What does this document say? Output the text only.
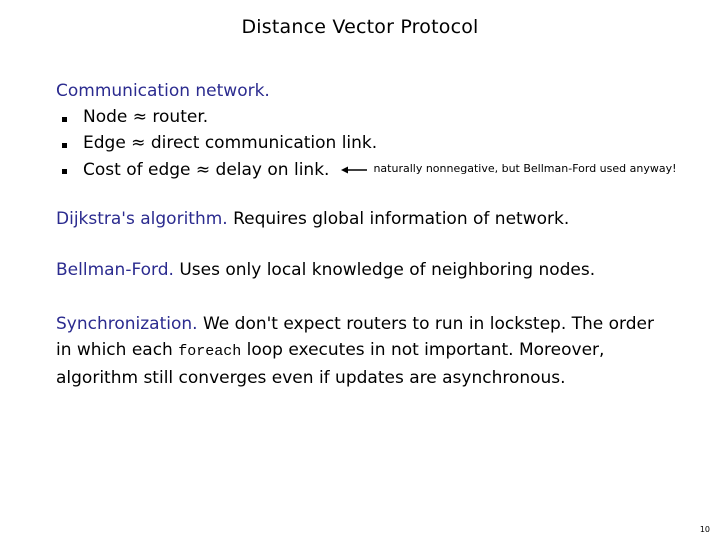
Distance Vector Protocol
Communication network.
Node ≈ router.
Edge ≈ direct communication link.
Cost of edge ≈ delay on link.	naturally nonnegative, but Bellman-Ford used anyway!
Dijkstra's algorithm. Requires global information of network.
Bellman-Ford. Uses only local knowledge of neighboring nodes.
Synchronization. We don't expect routers to run in lockstep. The order in which each foreach loop executes in not important. Moreover, algorithm still converges even if updates are asynchronous.
10
